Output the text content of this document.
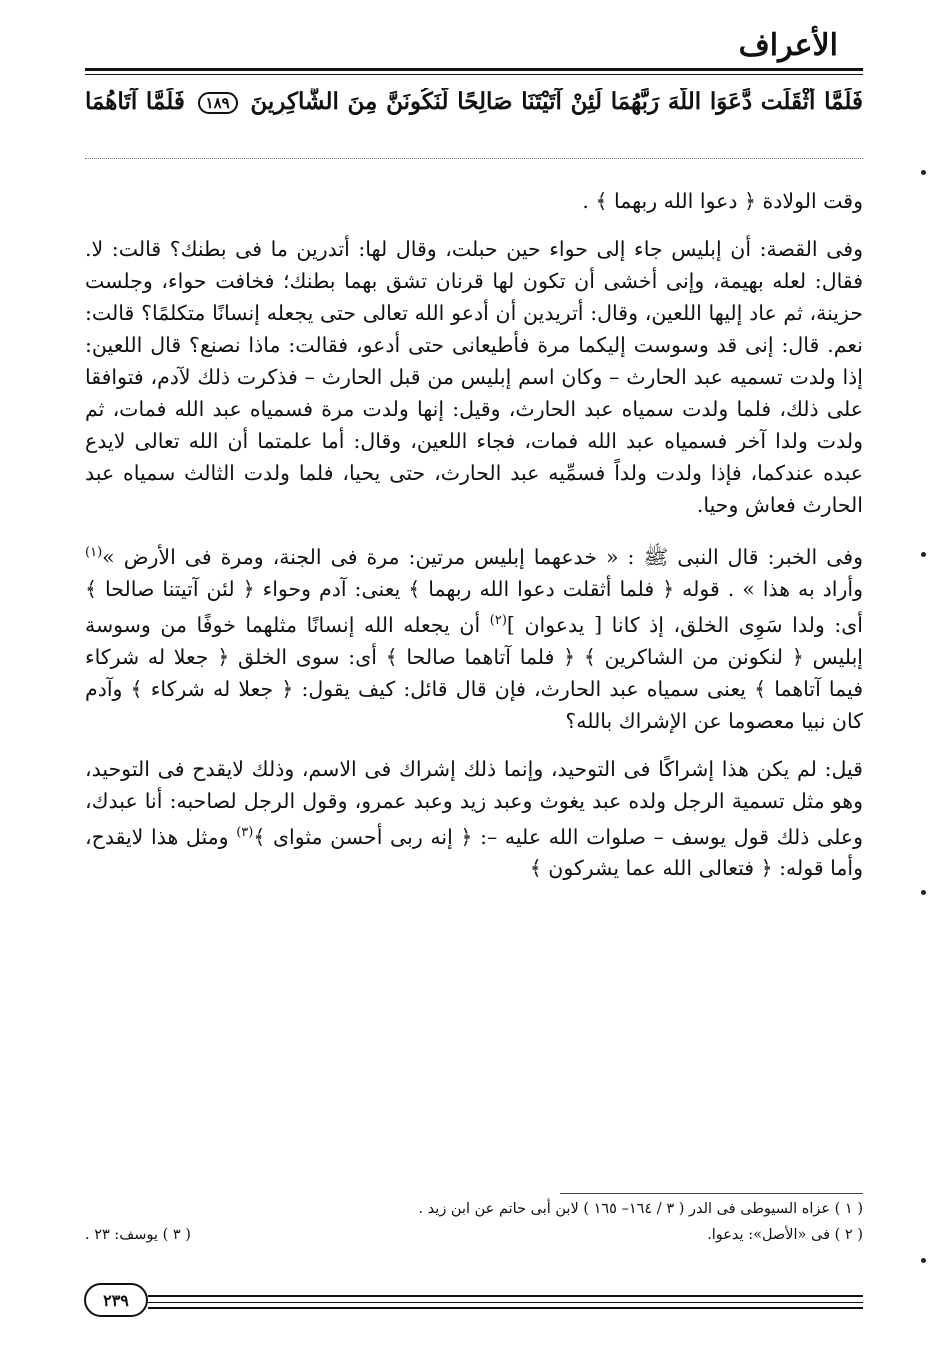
الأعراف
فَلَمَّا أَثْقَلَت دَّعَوَا اللَّهَ رَبَّهُمَا لَئِنْ آتَيْتَنَا صَالِحًا لَّنَكُونَنَّ مِنَ الشَّاكِرِينَ ١٨٩ فَلَمَّا آتَاهُمَا

وقت الولادة ﴿ دعوا الله ربهما ﴾ .

وفى القصة: أن إبليس جاء إلى حواء حين حبلت، وقال لها: أتدرين ما فى بطنك؟ قالت: لا. فقال: لعله بهيمة، وإنى أخشى أن تكون لها قرنان تشق بهما بطنك؛ فخافت حواء، وجلست حزينة، ثم عاد إليها اللعين، وقال: أتريدين أن أدعو الله تعالى حتى يجعله إنسانًا متكلمًا؟ قالت: نعم. قال: إنى قد وسوست إليكما مرة فأطيعانى حتى أدعو، فقالت: ماذا نصنع؟ قال اللعين: إذا ولدت تسميه عبد الحارث – وكان اسم إبليس من قبل الحارث – فذكرت ذلك لآدم، فتوافقا على ذلك، فلما ولدت سمياه عبد الحارث، وقيل: إنها ولدت مرة فسمياه عبد الله فمات، ثم ولدت ولدا آخر فسمياه عبد الله فمات، فجاء اللعين، وقال: أما علمتما أن الله تعالى لايدع عبده عندكما، فإذا ولدت ولداً فسمِّيه عبد الحارث، حتى يحيا، فلما ولدت الثالث سمياه عبد الحارث فعاش وحيا.

وفى الخبر: قال النبى ﷺ : « خدعهما إبليس مرتين: مرة فى الجنة، ومرة فى الأرض »$^{(١)}$ وأراد به هذا » . قوله ﴿ فلما أثقلت دعوا الله ربهما ﴾ يعنى: آدم وحواء ﴿ لئن آتيتنا صالحا ﴾ أى: ولدا سَوِى الخلق، إذ كانا [ يدعوان ]$^{(٢)}$ أن يجعله الله إنسانًا مثلهما خوفًا من وسوسة إبليس ﴿ لنكونن من الشاكرين ﴾ ﴿ فلما آتاهما صالحا ﴾ أى: سوى الخلق ﴿ جعلا له شركاء فيما آتاهما ﴾ يعنى سمياه عبد الحارث، فإن قال قائل: كيف يقول: ﴿ جعلا له شركاء ﴾ وآدم كان نبيا معصوما عن الإشراك بالله؟

قيل: لم يكن هذا إشراكًا فى التوحيد، وإنما ذلك إشراك فى الاسم، وذلك لايقدح فى التوحيد، وهو مثل تسمية الرجل ولده عبد يغوث وعبد زيد وعبد عمرو، وقول الرجل لصاحبه: أنا عبدك، وعلى ذلك قول يوسف – صلوات الله عليه –: ﴿ إنه ربى أحسن مثواى ﴾$^{(٣)}$ ومثل هذا لايقدح، وأما قوله: ﴿ فتعالى الله عما يشركون ﴾

( ١ ) عزاه السيوطى فى الدر ( ٣ / ١٦٤– ١٦٥ ) لابن أبى حاتم عن ابن زيد .

( ٢ ) فى «الأصل»: يدعوا.

( ٣ ) يوسف: ٢٣ .

٢٣٩
